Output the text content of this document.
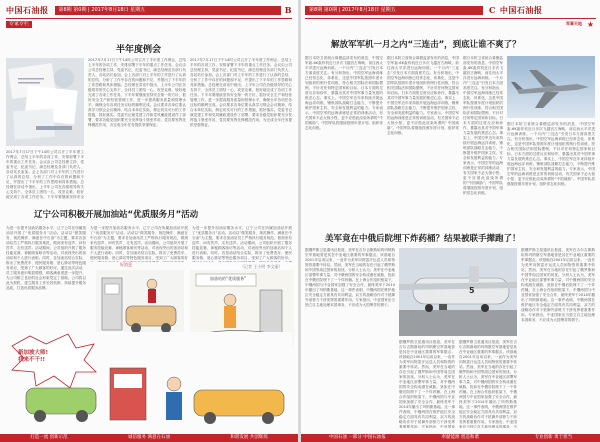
中国石油报	第8期 第0期 | 2017年8月18日 星期五	B
专家专栏
半年度例会
2017年7月17日下午14时公司召开了半年度工作例会，总结上半年的各项工作，安排部署下半年的重点工作任务。会议由公司总经理主持，党委书记、纪委书记、副总经理及各部门负责人、各站站长参加。会上各部门对上半年的工作进行了认真的总结，分析了工作中存在的问题和不足，并提出了下半年的工作思路和具体措施。总经理在讲话中指出，上半年公司在各级领导的关心支持下，全体员工团结一心，攻坚克难，较好地完成了各项工作任务。下半年要继续坚持安全
2017年7月17日下午14时公司召开了半年度工作例会，总结上半年的各项工作，安排部署下半年的重点工作任务。会议由公司总经理主持，党委书记、纪委书记、副总经理及各部门负责人、各站站长参加。会上各部门对上半年的工作进行了认真的总结，分析了工作中存在的问题和不足，并提出了下半年的工作思路和具体措施。总经理在讲话中指出，上半年公司在各级领导的关心支持下，全体员工团结一心，攻坚克难，较好地完成了各项工作任务。下半年要继续坚持安全第一的方针，抓好安全生产和经营管理工作，进一步提高服务质量和管理水平，确保全年各项任务目标的顺利完成。会议要求各单位要认真学习领会会议精神，结合本单位实际，制定切实可行的工作措施，抓好落实。党委书记就党建工作和党风廉政建设作了部署，要求各级党组织要充分发挥战斗堡垒作用，党员要发挥先锋模范作用，为完成全年任务提供坚强保证。
2017年7月17日下午14时公司召开了半年度工作例会，总结上半年的各项工作，安排部署下半年的重点工作任务。会议由公司总经理主持，党委书记、纪委书记、副总经理及各部门负责人、各站站长参加。会上各部门对上半年的工作进行了认真的总结，分析了工作中存在的问题和不足，并提出了下半年的工作思路和具体措施。总经理在讲话中指出，上半年公司在各级领导的关心支持下，全体员工团结一心，攻坚克难，较好地完成了各项工作任务。下半年要继续坚持安全第一的方针，抓好安全生产和经营管理工作，进一步提高服务质量和管理水平，确保全年各项任务目标的顺利完成。会议要求各单位要认真学习领会会议精神，结合本单位实际，制定切实可行的工作措施，抓好落实。党委书记就党建工作和党风廉政建设作了部署，要求各级党组织要充分发挥战斗堡垒作用，党员要发挥先锋模范作用，为完成全年任务提供坚强保证。
辽宁公司积极开展加油站“优质服务月”活动
为进一步提升加油站服务水平，辽宁公司在所属加油站开展了“优质服务月”活动。活动以“微笑服务、规范操作、满意在中石油”为主题，要求各加油站员工严格执行服务规范，做到来有迎声、问有答声、走有送声。活动期间，公司组织开展了服务技能竞赛、神秘顾客暗访等活动，对表现突出的加油站和个人进行表彰。同时，各加油站结合实际，推出了免费洗车、便民服务箱、爱心驿站等特色服务项目，受到了广大顾客的好评。通过此次活动，员工服务意识明显增强，顾客满意度进一步提升，为公司树立良好的社会形象奠定了基础。公司将以此为契机，建立服务工作长效机制，持续提升服务品质，打造优质服务品牌。
为进一步提升加油站服务水平，辽宁公司在所属加油站开展了“优质服务月”活动。活动以“微笑服务、规范操作、满意在中石油”为主题，要求各加油站员工严格执行服务规范，做到来有迎声、问有答声、走有送声。活动期间，公司组织开展了服务技能竞赛、神秘顾客暗访等活动，对表现突出的加油站和个人进行表彰。同时，各加油站结合实际，推出了免费洗车、便民服务箱、爱心驿站等特色服务项目，受到了广大顾客的好
为进一步提升加油站服务水平，辽宁公司在所属加油站开展了“优质服务月”活动。活动以“微笑服务、规范操作、满意在中石油”为主题，要求各加油站员工严格执行服务规范，做到来有迎声、问有答声、走有送声。活动期间，公司组织开展了服务技能竞赛、神秘顾客暗访等活动，对表现突出的加油站和个人进行表彰。同时，各加油站结合实际，推出了免费洗车、便民服务箱、爱心驿站等特色服务项目，受到了广大顾客的好评。
（记者 王小明 李文丽）
好消息
加油站的“优质服务”
新加坡大师!
我来不干!!
打造一流 创新示范	诚信服务 满意在石油	和谐发展 共创辉煌
第8期 第0期 | 2017年8月18日 星期五	C 中国石油报
军事天地 ★
解放军军机一月之内“三连击”，到底让谁不爽了？
据日本防卫省统合幕僚监部发布的消息，中国空军轰-6K轰炸机近日多次飞越宫古海峡，前往西太平洋进行远海训练。一个月内“三连击”引发日本方面高度关注。有分析指出，中国空军远海训练已经常态化、体系化，这是中国军队按照年度计划组织的例行性训练，符合相关国际法和国际惯例，不针对任何特定国家和目标。日本方面的过度反应和炒作，暴露出其对中国军事力量发展的焦虑心态。事实上，中国空军近年来持续开展远海远洋训练，锤炼部队战略打击能力，不断提升维护国家主权、安全和发展利益的能力。专家表示，中国空军的远海训练是正常的训练活动，有关国家不必大惊小怪，更不应借此渲染所谓的“中国威胁”。中国军队将继续按照年度计划，组织常态化训练。
据日本防卫省统合幕僚监部发布的消息，中国空军轰-6K轰炸机近日多次飞越宫古海峡，前往西太平洋进行远海训练。一个月内“三连击”引发日本方面高度关注。有分析指出，中国空军远海训练已经常态化、体系化，这是中国军队按照年度计划组织的例行性训练，符合相关国际法和国际惯例，不针对任何特定国家和目标。日本方面的过度反应和炒作，暴露出其对中国军事力量发展的焦虑心态。事实上，中国空军近年来持续开展远海远洋训练，锤炼部队战略打击能力，不断提升维护国家主权、安全和发展利益的能力。专家表示，中国空军的远海训练是正常的训练活动，有关国家不必大惊小怪，更不应借此渲染所谓的“中国威胁”。中国军队将继续按照年度计划，组织常态化训练。
据日本防卫省统合幕僚监部发布的消息，中国空军轰-6K轰炸机近日多次飞越宫古海峡，前往西太平洋进行远海训练。一个月内“三连击”引发日本方面高度关注。有分析指出，中国空军远海训练已经常态化、体系化，这是中国军队按照年度计划组织的例行性训练，符合相关国际法和国际惯例，不针对任何特定国家和目标。日本方面的过度反应和炒作，暴露出其对中国军事力量发展的焦虑心态。事实上，中国空军近年来持续开展远海远洋训练，锤炼部队战略打击能力，不断提升维护国家主权、安全和发展利益的能力。专家表示，中国空军的远海训练是正常的训练活动，有关国家不必大惊小怪，更不应借此渲染所谓的“中国威胁”。中国军队将继续按照年度计划，组织常态化训练。
据日本防卫省统合幕僚监部发布的消息，中国空军轰-6K轰炸机近日多次飞越宫古海峡，前往西太平洋进行远海训练。一个月内“三连击”引发日本方面高度关注。有分析指出，中国空军远海训练已经常态化、体系化，这是中国军队按照年度计划组织的例行性训练，符合相关国际法和国际惯例，不针对任何特定国家和目标。日本方面的过度反应和炒作，暴露出其对中国军事力量发展的焦虑心态。事实上，中国空军近年来持续开展远海远洋训练，锤炼部队战略打击能力，不断提升维护国家主权、安全和发展利益的能力。专家表示，中国空军的远海训练是正常的训练活动，有关国家不必大惊小怪，更不应借此渲染所谓的“中国威胁”。中国军队将继续按照年度计划，组织常态化训练。
美军竟在中俄后院埋下炸药桶？结果被联手撵跑了！
5
据俄罗斯卫星通讯社报道，美军在吉尔吉斯斯坦的玛纳斯空军基地曾是其在中亚地区重要的军事据点。该基地自2001年启用以来，一直作为美军向阿富汗运送人员和物资的重要中转站。然而，美军在当地的存在引起了俄罗斯和中国等周边国家的担忧。分析人士认为，美军在中亚地区部署军事力量，对中俄两国的安全构成潜在威胁，犹如在中俄后院埋下了一个炸药桶。在上海合作组织框架下，中俄两国与中亚国家加强了安全合作，最终美军于2014年撤出了玛纳斯基地。这一事件表明，中俄两国在维护地区安全稳定方面具有共同利益，双方的战略协作对于抵御外部势力干涉发挥着重要作用。专家指出，中亚国家应当独立自主地处理本国事务，不应成为大国博弈的棋子。
据俄罗斯卫星通讯社报道，美军在吉尔吉斯斯坦的玛纳斯空军基地曾是其在中亚地区重要的军事据点。该基地自2001年启用以来，一直作为美军向阿富汗运送人员和物资的重要中转站。然而，美军在当地的存在引起了俄罗斯和中国等周边国家的担忧。分析人士认为，美军在中亚地区部署军事力量，对中俄两国的安全构成潜在威胁，犹如在中俄后院埋下了一个炸药桶。在上海合作组织框架下，中俄两国与中亚国家加强了安全合作，最终美军于2014年撤出了玛纳斯基地。这一事件表明，中俄两国在维护地区安全稳定方面具有共同利益，双方的战略协作对于抵御外部势力干涉发挥着重要作用。专家指出，中亚国家
据俄罗斯卫星通讯社报道，美军在吉尔吉斯斯坦的玛纳斯空军基地曾是其在中亚地区重要的军事据点。该基地自2001年启用以来，一直作为美军向阿富汗运送人员和物资的重要中转站。然而，美军在当地的存在引起了俄罗斯和中国等周边国家的担忧。分析人士认为，美军在中亚地区部署军事力量，对中俄两国的安全构成潜在威胁，犹如在中俄后院埋下了一个炸药桶。在上海合作组织框架下，中俄两国与中亚国家加强了安全合作，最终美军于2014年撤出了玛纳斯基地。这一事件表明，中俄两国在维护地区安全稳定方面具有共同利益，双方的战略协作对于抵御外部势力干涉发挥着重要作用。专家指出，中亚国家应当独立自主地处理本国事务，不
据俄罗斯卫星通讯社报道，美军在吉尔吉斯斯坦的玛纳斯空军基地曾是其在中亚地区重要的军事据点。该基地自2001年启用以来，一直作为美军向阿富汗运送人员和物资的重要中转站。然而，美军在当地的存在引起了俄罗斯和中国等周边国家的担忧。分析人士认为，美军在中亚地区部署军事力量，对中俄两国的安全构成潜在威胁，犹如在中俄后院埋下了一个炸药桶。在上海合作组织框架下，中俄两国与中亚国家加强了安全合作，最终美军于2014年撤出了玛纳斯基地。这一事件表明，中俄两国在维护地区安全稳定方面具有共同利益，双方的战略协作对于抵御外部势力干涉发挥着重要作用。专家指出，中亚国家应当独立自主地处理本国事务，不应成为大国博弈的棋子。
中国石油 一部分 中国石油报	奉献能源 创造和谐	专业创新 勇于担当
